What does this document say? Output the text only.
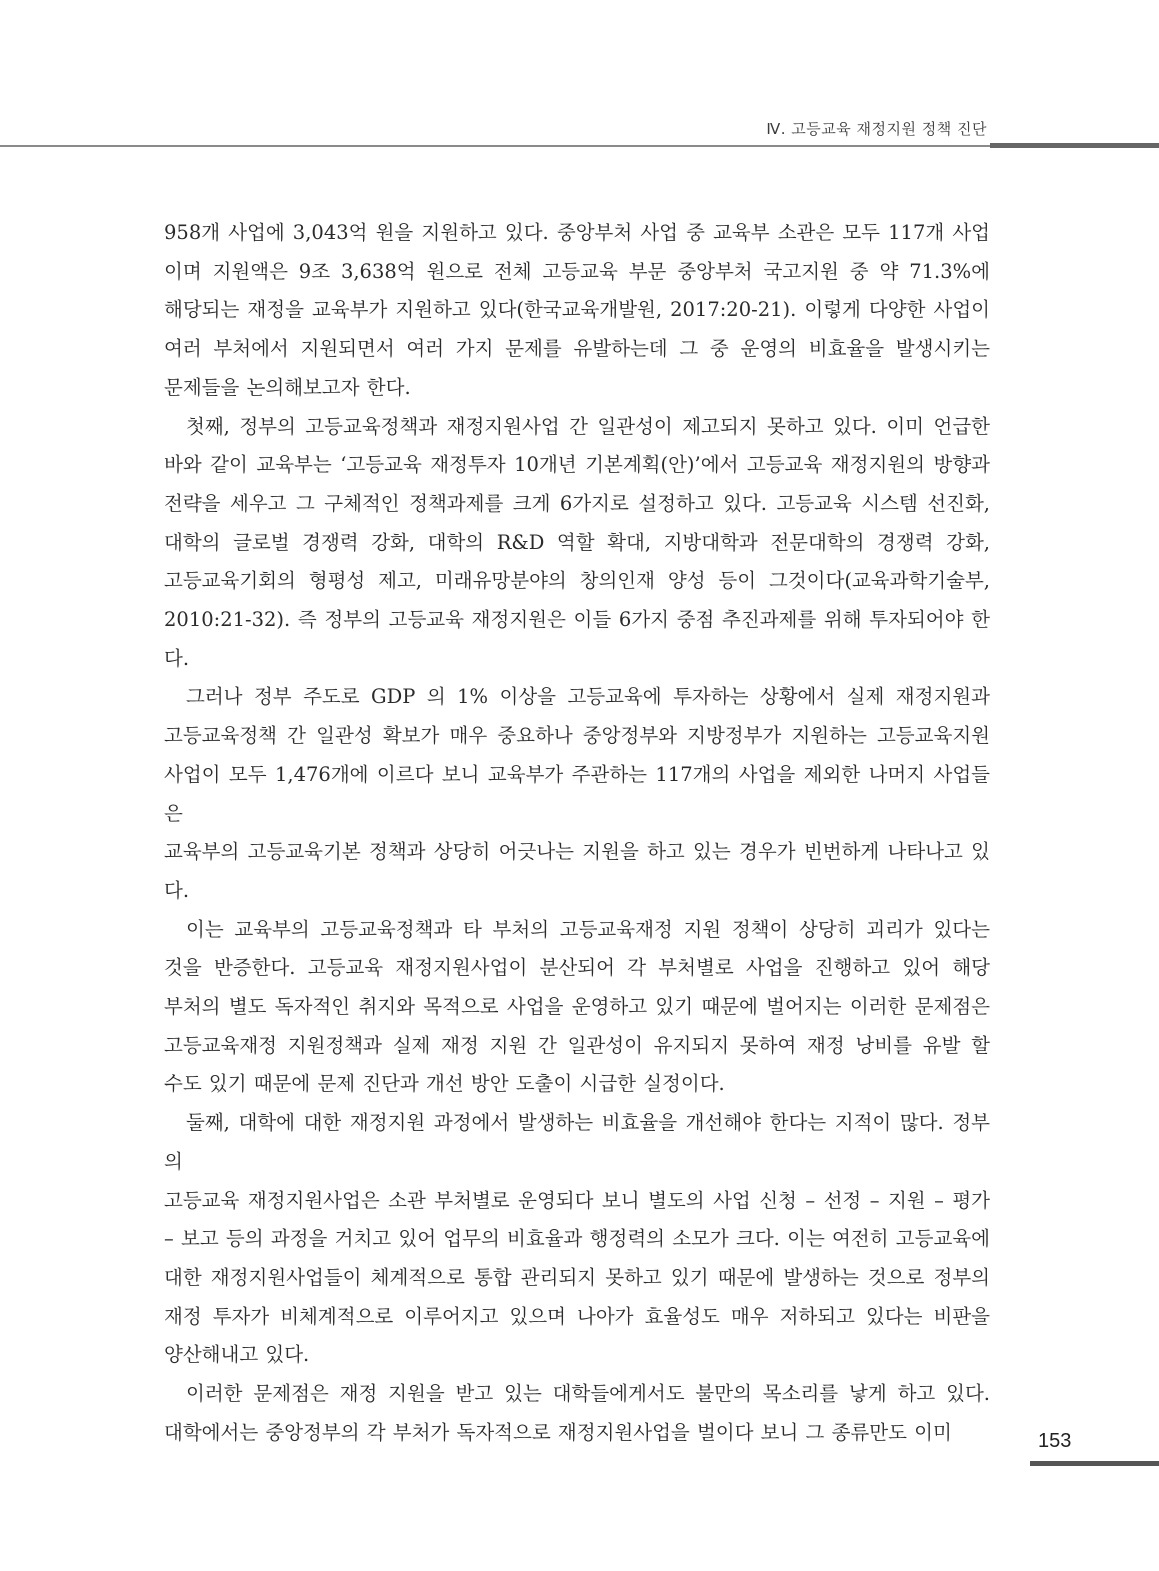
Ⅳ. 고등교육 재정지원 정책 진단

958개 사업에 3,043억 원을 지원하고 있다. 중앙부처 사업 중 교육부 소관은 모두 117개 사업

이며 지원액은 9조 3,638억 원으로 전체 고등교육 부문 중앙부처 국고지원 중 약 71.3%에

해당되는 재정을 교육부가 지원하고 있다(한국교육개발원, 2017:20-21). 이렇게 다양한 사업이

여러 부처에서 지원되면서 여러 가지 문제를 유발하는데 그 중 운영의 비효율을 발생시키는

문제들을 논의해보고자 한다.

첫째, 정부의 고등교육정책과 재정지원사업 간 일관성이 제고되지 못하고 있다. 이미 언급한

바와 같이 교육부는 ‘고등교육 재정투자 10개년 기본계획(안)’에서 고등교육 재정지원의 방향과

전략을 세우고 그 구체적인 정책과제를 크게 6가지로 설정하고 있다. 고등교육 시스템 선진화,

대학의 글로벌 경쟁력 강화, 대학의 R&D 역할 확대, 지방대학과 전문대학의 경쟁력 강화,

고등교육기회의 형평성 제고, 미래유망분야의 창의인재 양성 등이 그것이다(교육과학기술부,

2010:21-32). 즉 정부의 고등교육 재정지원은 이들 6가지 중점 추진과제를 위해 투자되어야 한다.

그러나 정부 주도로 GDP 의 1% 이상을 고등교육에 투자하는 상황에서 실제 재정지원과

고등교육정책 간 일관성 확보가 매우 중요하나 중앙정부와 지방정부가 지원하는 고등교육지원

사업이 모두 1,476개에 이르다 보니 교육부가 주관하는 117개의 사업을 제외한 나머지 사업들은

교육부의 고등교육기본 정책과 상당히 어긋나는 지원을 하고 있는 경우가 빈번하게 나타나고 있다.

이는 교육부의 고등교육정책과 타 부처의 고등교육재정 지원 정책이 상당히 괴리가 있다는

것을 반증한다. 고등교육 재정지원사업이 분산되어 각 부처별로 사업을 진행하고 있어 해당

부처의 별도 독자적인 취지와 목적으로 사업을 운영하고 있기 때문에 벌어지는 이러한 문제점은

고등교육재정 지원정책과 실제 재정 지원 간 일관성이 유지되지 못하여 재정 낭비를 유발 할

수도 있기 때문에 문제 진단과 개선 방안 도출이 시급한 실정이다.

둘째, 대학에 대한 재정지원 과정에서 발생하는 비효율을 개선해야 한다는 지적이 많다. 정부의

고등교육 재정지원사업은 소관 부처별로 운영되다 보니 별도의 사업 신청 – 선정 – 지원 – 평가

– 보고 등의 과정을 거치고 있어 업무의 비효율과 행정력의 소모가 크다. 이는 여전히 고등교육에

대한 재정지원사업들이 체계적으로 통합 관리되지 못하고 있기 때문에 발생하는 것으로 정부의

재정 투자가 비체계적으로 이루어지고 있으며 나아가 효율성도 매우 저하되고 있다는 비판을

양산해내고 있다.

이러한 문제점은 재정 지원을 받고 있는 대학들에게서도 불만의 목소리를 낳게 하고 있다.

대학에서는 중앙정부의 각 부처가 독자적으로 재정지원사업을 벌이다 보니 그 종류만도 이미	153
